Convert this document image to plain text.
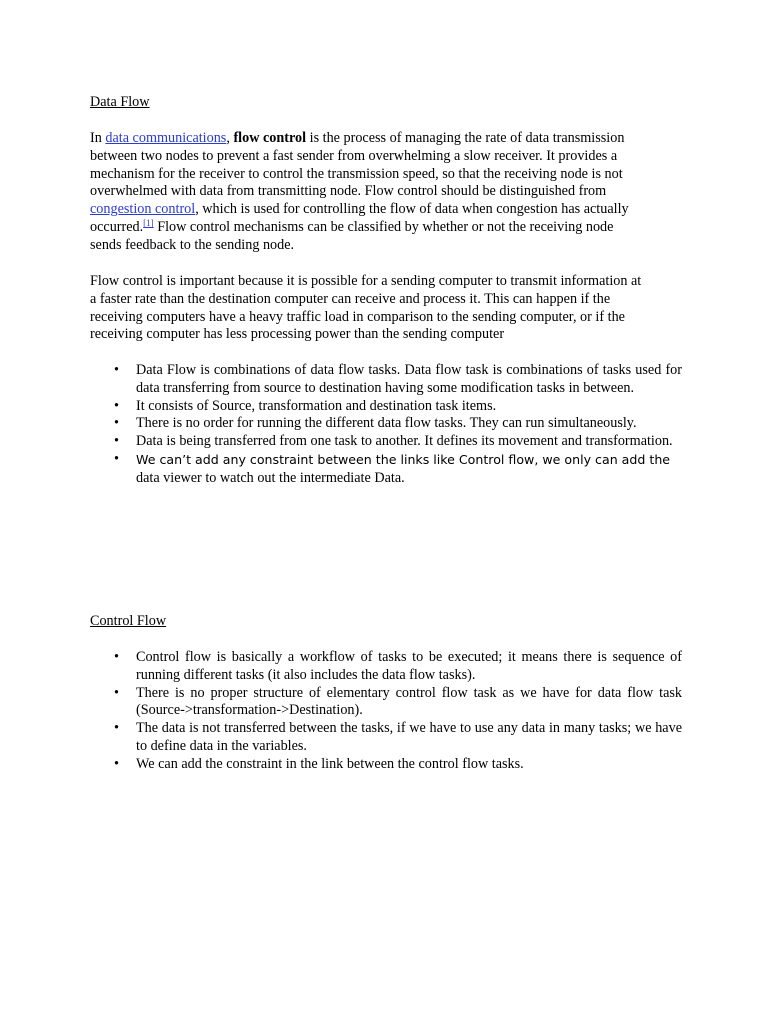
Data Flow
In data communications, flow control is the process of managing the rate of data transmission
between two nodes to prevent a fast sender from overwhelming a slow receiver. It provides a
mechanism for the receiver to control the transmission speed, so that the receiving node is not
overwhelmed with data from transmitting node. Flow control should be distinguished from
congestion control, which is used for controlling the flow of data when congestion has actually
occurred.[1] Flow control mechanisms can be classified by whether or not the receiving node
sends feedback to the sending node.
Flow control is important because it is possible for a sending computer to transmit information at
a faster rate than the destination computer can receive and process it. This can happen if the
receiving computers have a heavy traffic load in comparison to the sending computer, or if the
receiving computer has less processing power than the sending computer
• Data Flow is combinations of data flow tasks. Data flow task is combinations of tasks used for data transferring from source to destination having some modification tasks in between.
• It consists of Source, transformation and destination task items.
• There is no order for running the different data flow tasks. They can run simultaneously.
• Data is being transferred from one task to another. It defines its movement and transformation.
• We can’t add any constraint between the links like Control flow, we only can add the
data viewer to watch out the intermediate Data.
Control Flow
• Control flow is basically a workflow of tasks to be executed; it means there is sequence of running different tasks (it also includes the data flow tasks).
• There is no proper structure of elementary control flow task as we have for data flow task (Source->transformation->Destination).
• The data is not transferred between the tasks, if we have to use any data in many tasks; we have to define data in the variables.
• We can add the constraint in the link between the control flow tasks.
